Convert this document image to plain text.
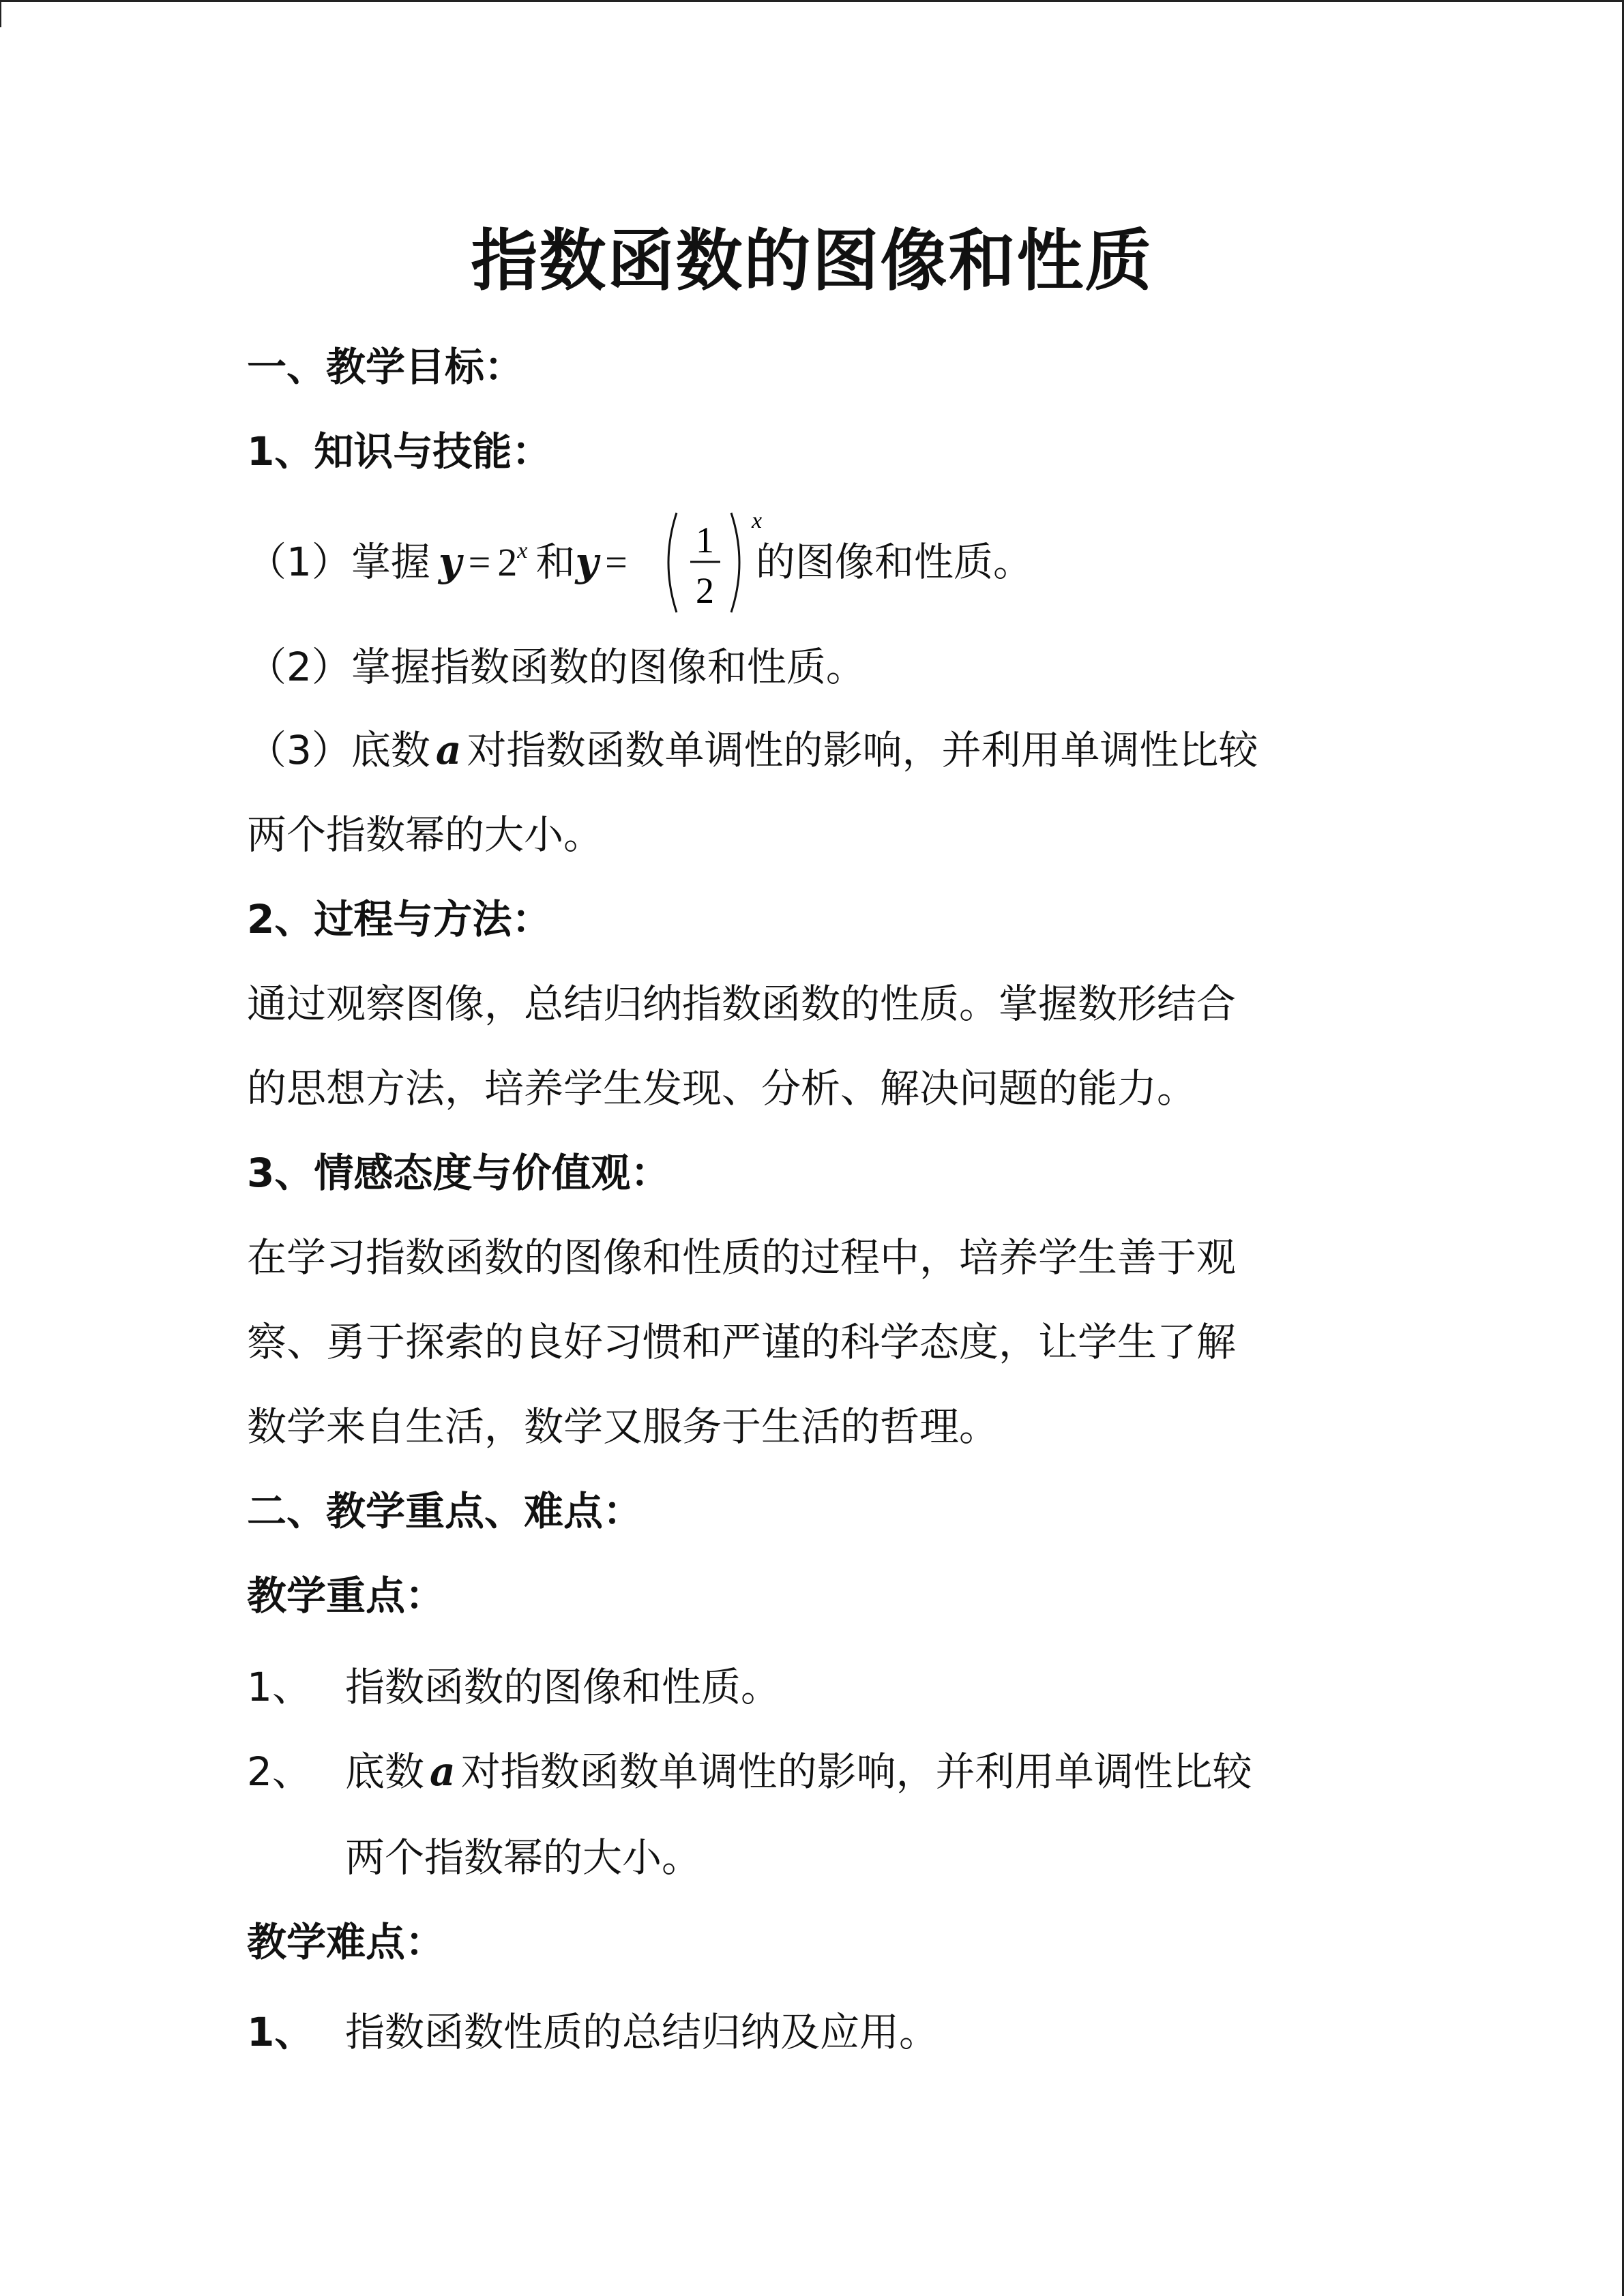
指数函数的图像和性质
一、教学目标：
1、知识与技能：
（1）掌握 $y = 2^x$ 和y = 1
2
x
的图像和性质。
（2）掌握指数函数的图像和性质。
（3）底数 a 对指数函数单调性的影响，并利用单调性比较
两个指数幂的大小。
2、过程与方法：
通过观察图像，总结归纳指数函数的性质。掌握数形结合
的思想方法，培养学生发现、分析、解决问题的能力。
3、情感态度与价值观：
在学习指数函数的图像和性质的过程中，培养学生善于观
察、勇于探索的良好习惯和严谨的科学态度，让学生了解
数学来自生活，数学又服务于生活的哲理。
二、教学重点、难点：
教学重点：
1、 指数函数的图像和性质。
2、 底数 a 对指数函数单调性的影响，并利用单调性比较
两个指数幂的大小。
教学难点：
1、 指数函数性质的总结归纳及应用。
